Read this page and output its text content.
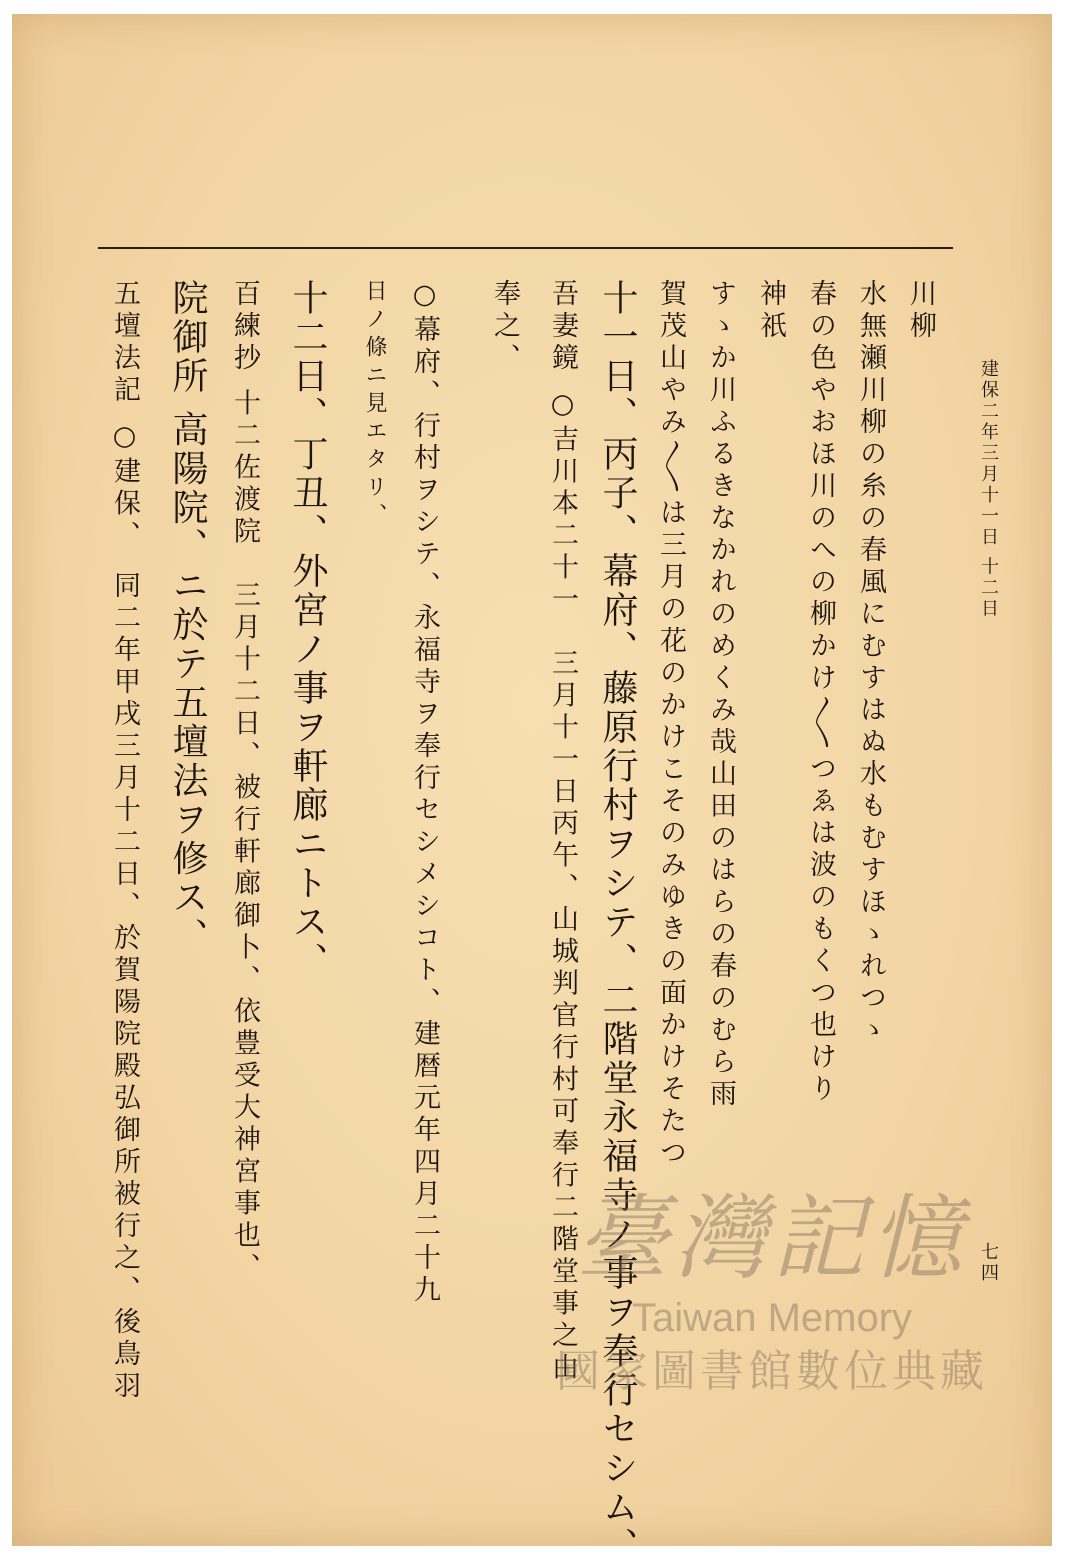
建保二年三月十一日 十二日
七四
川柳
水無瀬川柳の糸の春風にむすはぬ水もむすほゝれつゝ
春の色やおほ川のへの柳かけ〳〵つゑは波のもくつ也けり
神祇
すゝか川ふるきなかれのめくみ哉山田のはらの春のむら雨
賀茂山やみ〳〵は三月の花のかけこそのみゆきの面かけそたつ
十一日、丙子、幕府、藤原行村ヲシテ、二階堂永福寺ノ事ヲ奉行セシム、
吾妻鏡 ○吉川本二十一　三月十一日丙午、山城判官行村可奉行二階堂事之由
奉之、
○幕府、行村ヲシテ、永福寺ヲ奉行セシメシコト、建暦元年四月二十九
日ノ條ニ見エタリ、
十二日、丁丑、外宮ノ事ヲ軒廊ニトス、
百練抄 十二佐渡院　三月十二日、被行軒廊御卜、依豊受大神宮事也、
院御所 高陽院、ニ於テ五壇法ヲ修ス、
五壇法記 ○建保、　同二年甲戌三月十二日、於賀陽院殿弘御所被行之、後鳥羽	臺灣記憶
Taiwan Memory
國家圖書館數位典藏
